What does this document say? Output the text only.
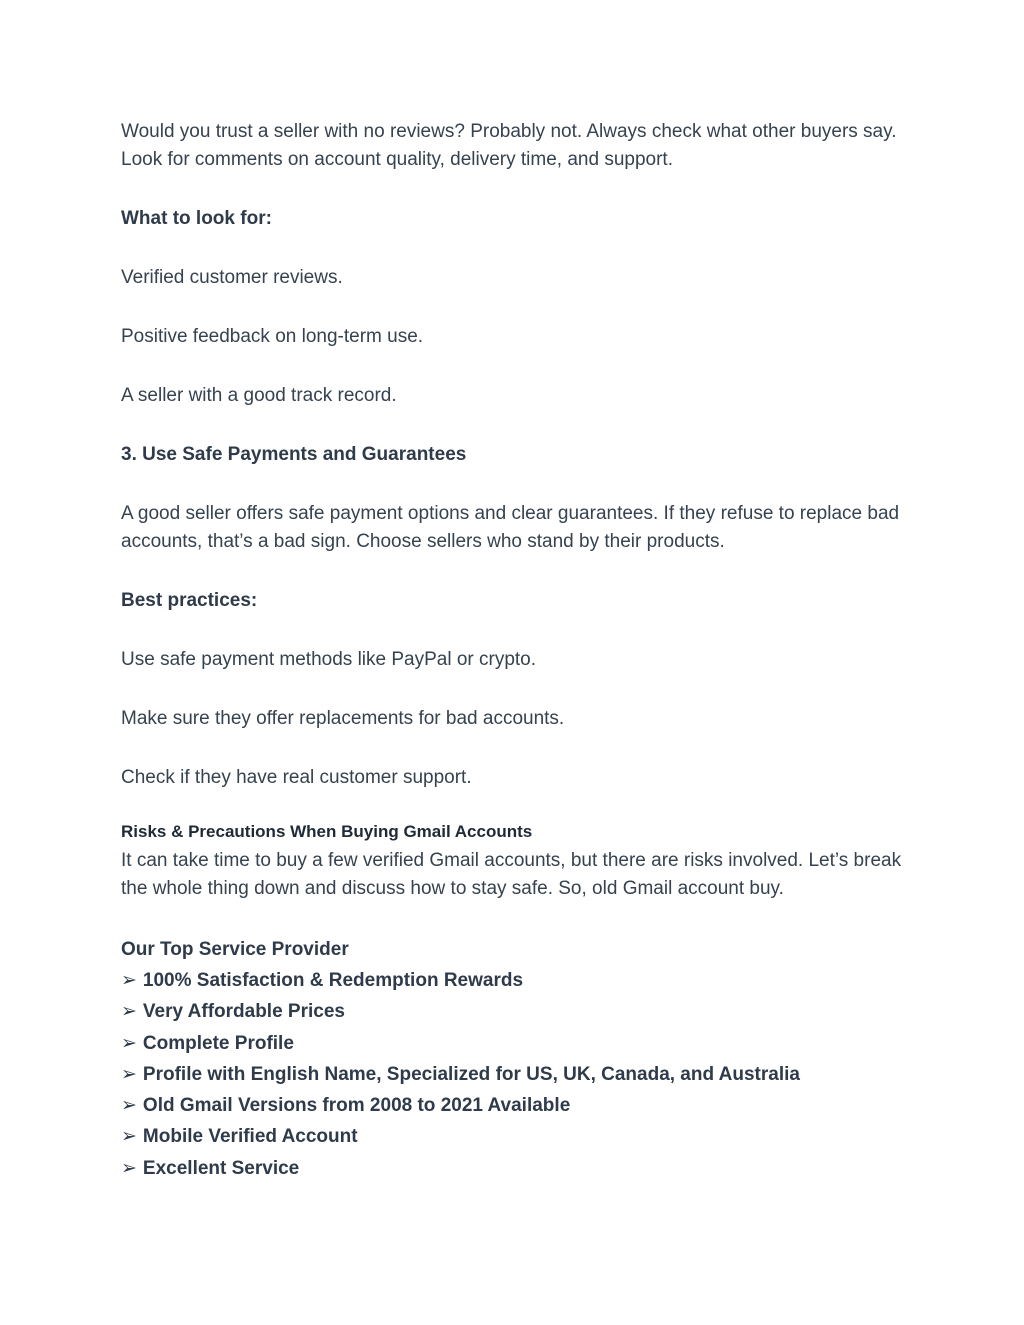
Would you trust a seller with no reviews? Probably not. Always check what other buyers say. Look for comments on account quality, delivery time, and support.

What to look for:

Verified customer reviews.

Positive feedback on long-term use.

A seller with a good track record.

3. Use Safe Payments and Guarantees

A good seller offers safe payment options and clear guarantees. If they refuse to replace bad accounts, that’s a bad sign. Choose sellers who stand by their products.

Best practices:

Use safe payment methods like PayPal or crypto.

Make sure they offer replacements for bad accounts.

Check if they have real customer support.

Risks & Precautions When Buying Gmail Accounts

It can take time to buy a few verified Gmail accounts, but there are risks involved. Let’s break the whole thing down and discuss how to stay safe. So, old Gmail account buy.

Our Top Service Provider

➢ 100% Satisfaction & Redemption Rewards
➢ Very Affordable Prices
➢ Complete Profile
➢ Profile with English Name, Specialized for US, UK, Canada, and Australia
➢ Old Gmail Versions from 2008 to 2021 Available
➢ Mobile Verified Account
➢ Excellent Service
